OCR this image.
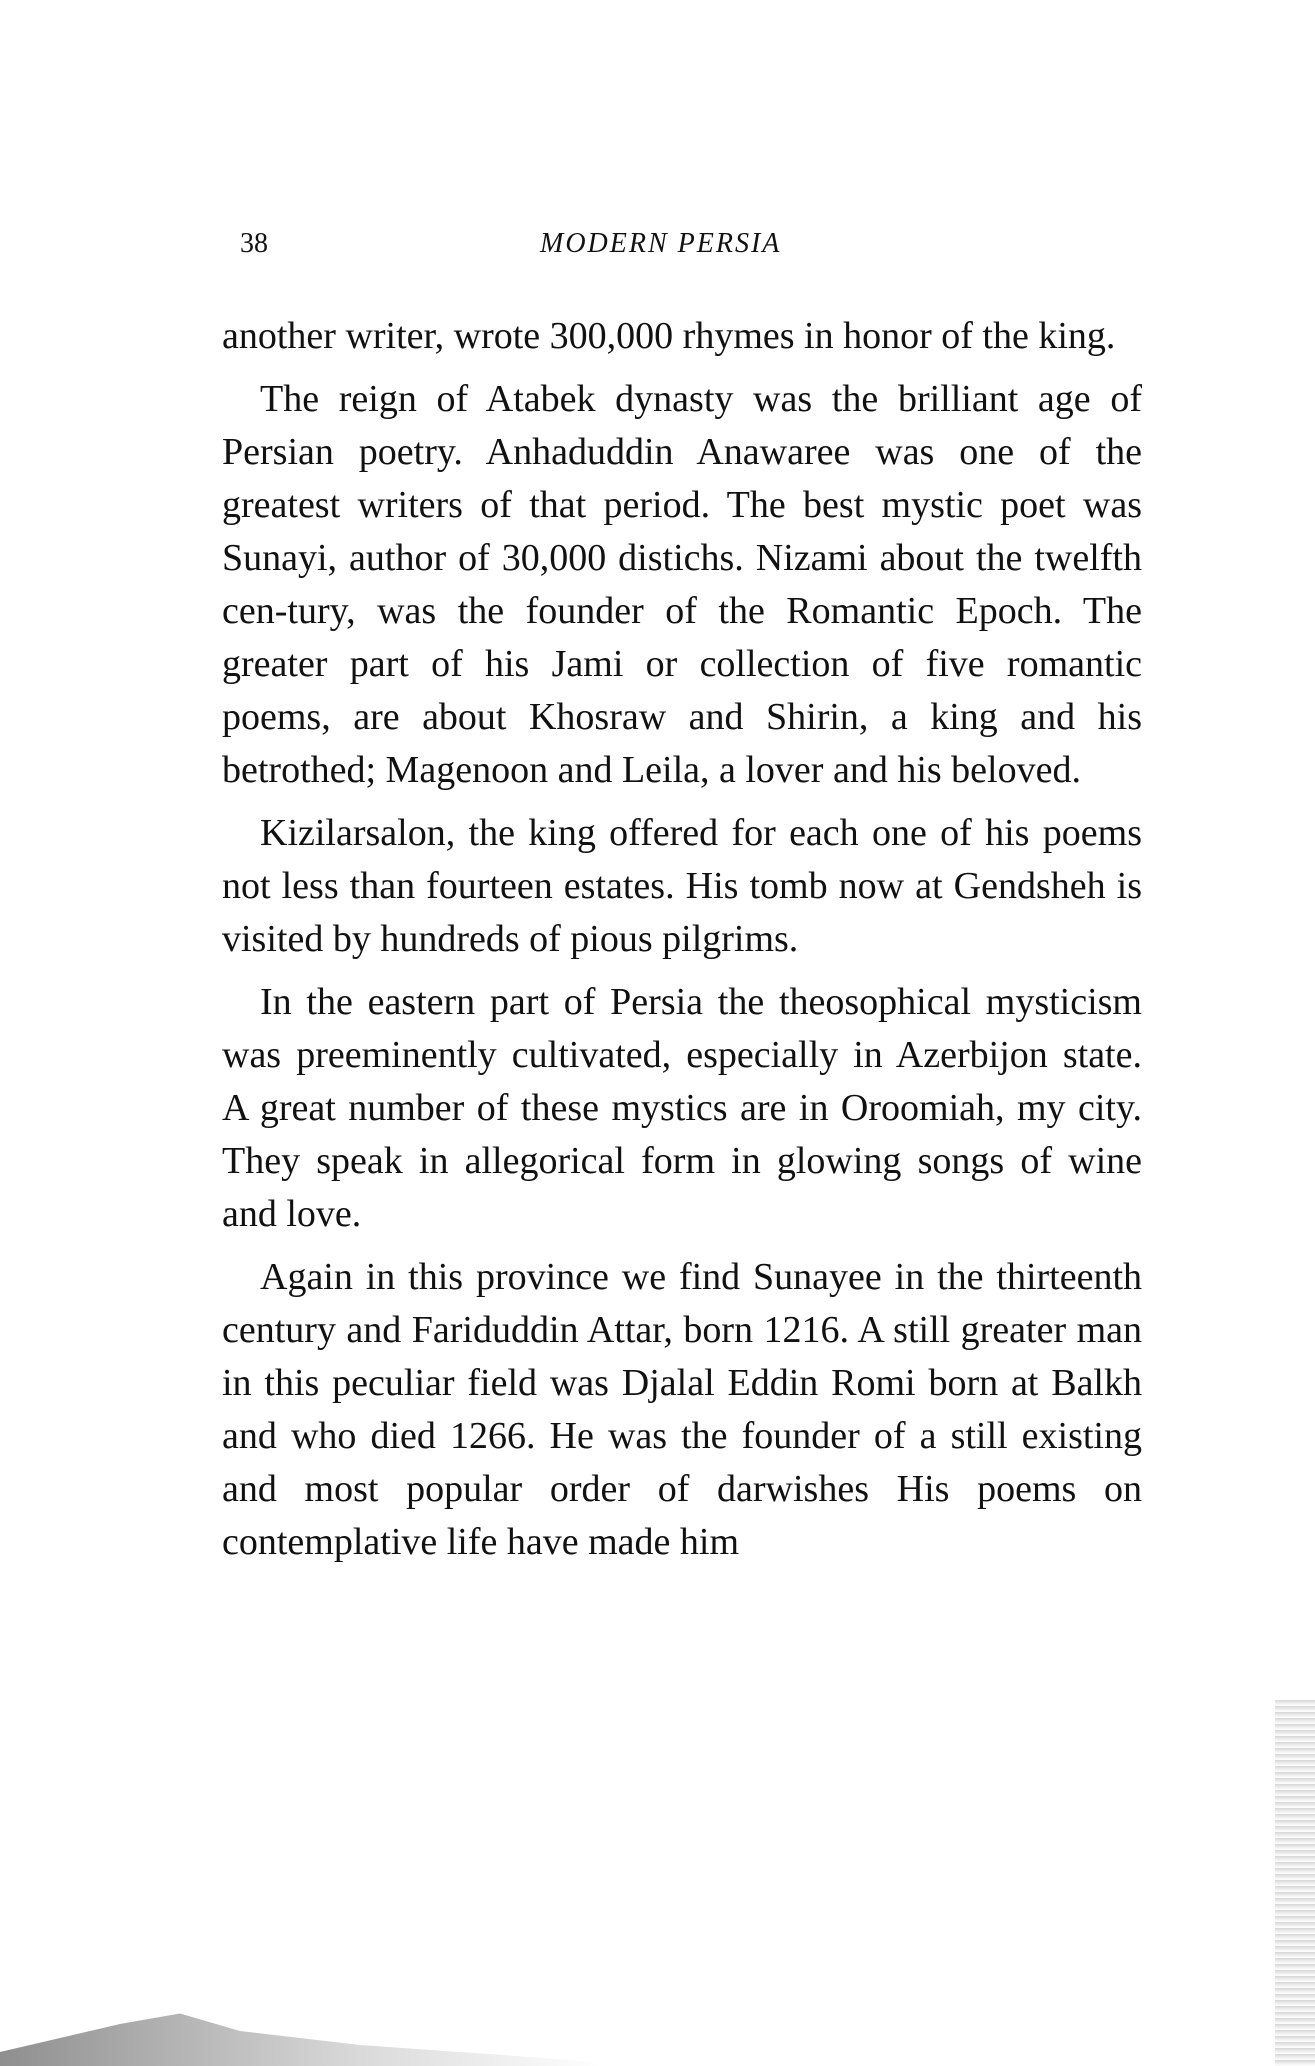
38	MODERN PERSIA

another writer, wrote 300,000 rhymes in honor of the king.

The reign of Atabek dynasty was the brilliant age of Persian poetry. Anhaduddin Anawaree was one of the greatest writers of that period. The best mystic poet was Sunayi, author of 30,000 distichs. Nizami about the twelfth cen-tury, was the founder of the Romantic Epoch. The greater part of his Jami or collection of five romantic poems, are about Khosraw and Shirin, a king and his betrothed; Magenoon and Leila, a lover and his beloved.

Kizilarsalon, the king offered for each one of his poems not less than fourteen estates. His tomb now at Gendsheh is visited by hundreds of pious pilgrims.

In the eastern part of Persia the theosophical mysticism was preeminently cultivated, especially in Azerbijon state. A great number of these mystics are in Oroomiah, my city. They speak in allegorical form in glowing songs of wine and love.

Again in this province we find Sunayee in the thirteenth century and Fariduddin Attar, born 1216. A still greater man in this peculiar field was Djalal Eddin Romi born at Balkh and who died 1266. He was the founder of a still existing and most popular order of darwishes His poems on contemplative life have made him
